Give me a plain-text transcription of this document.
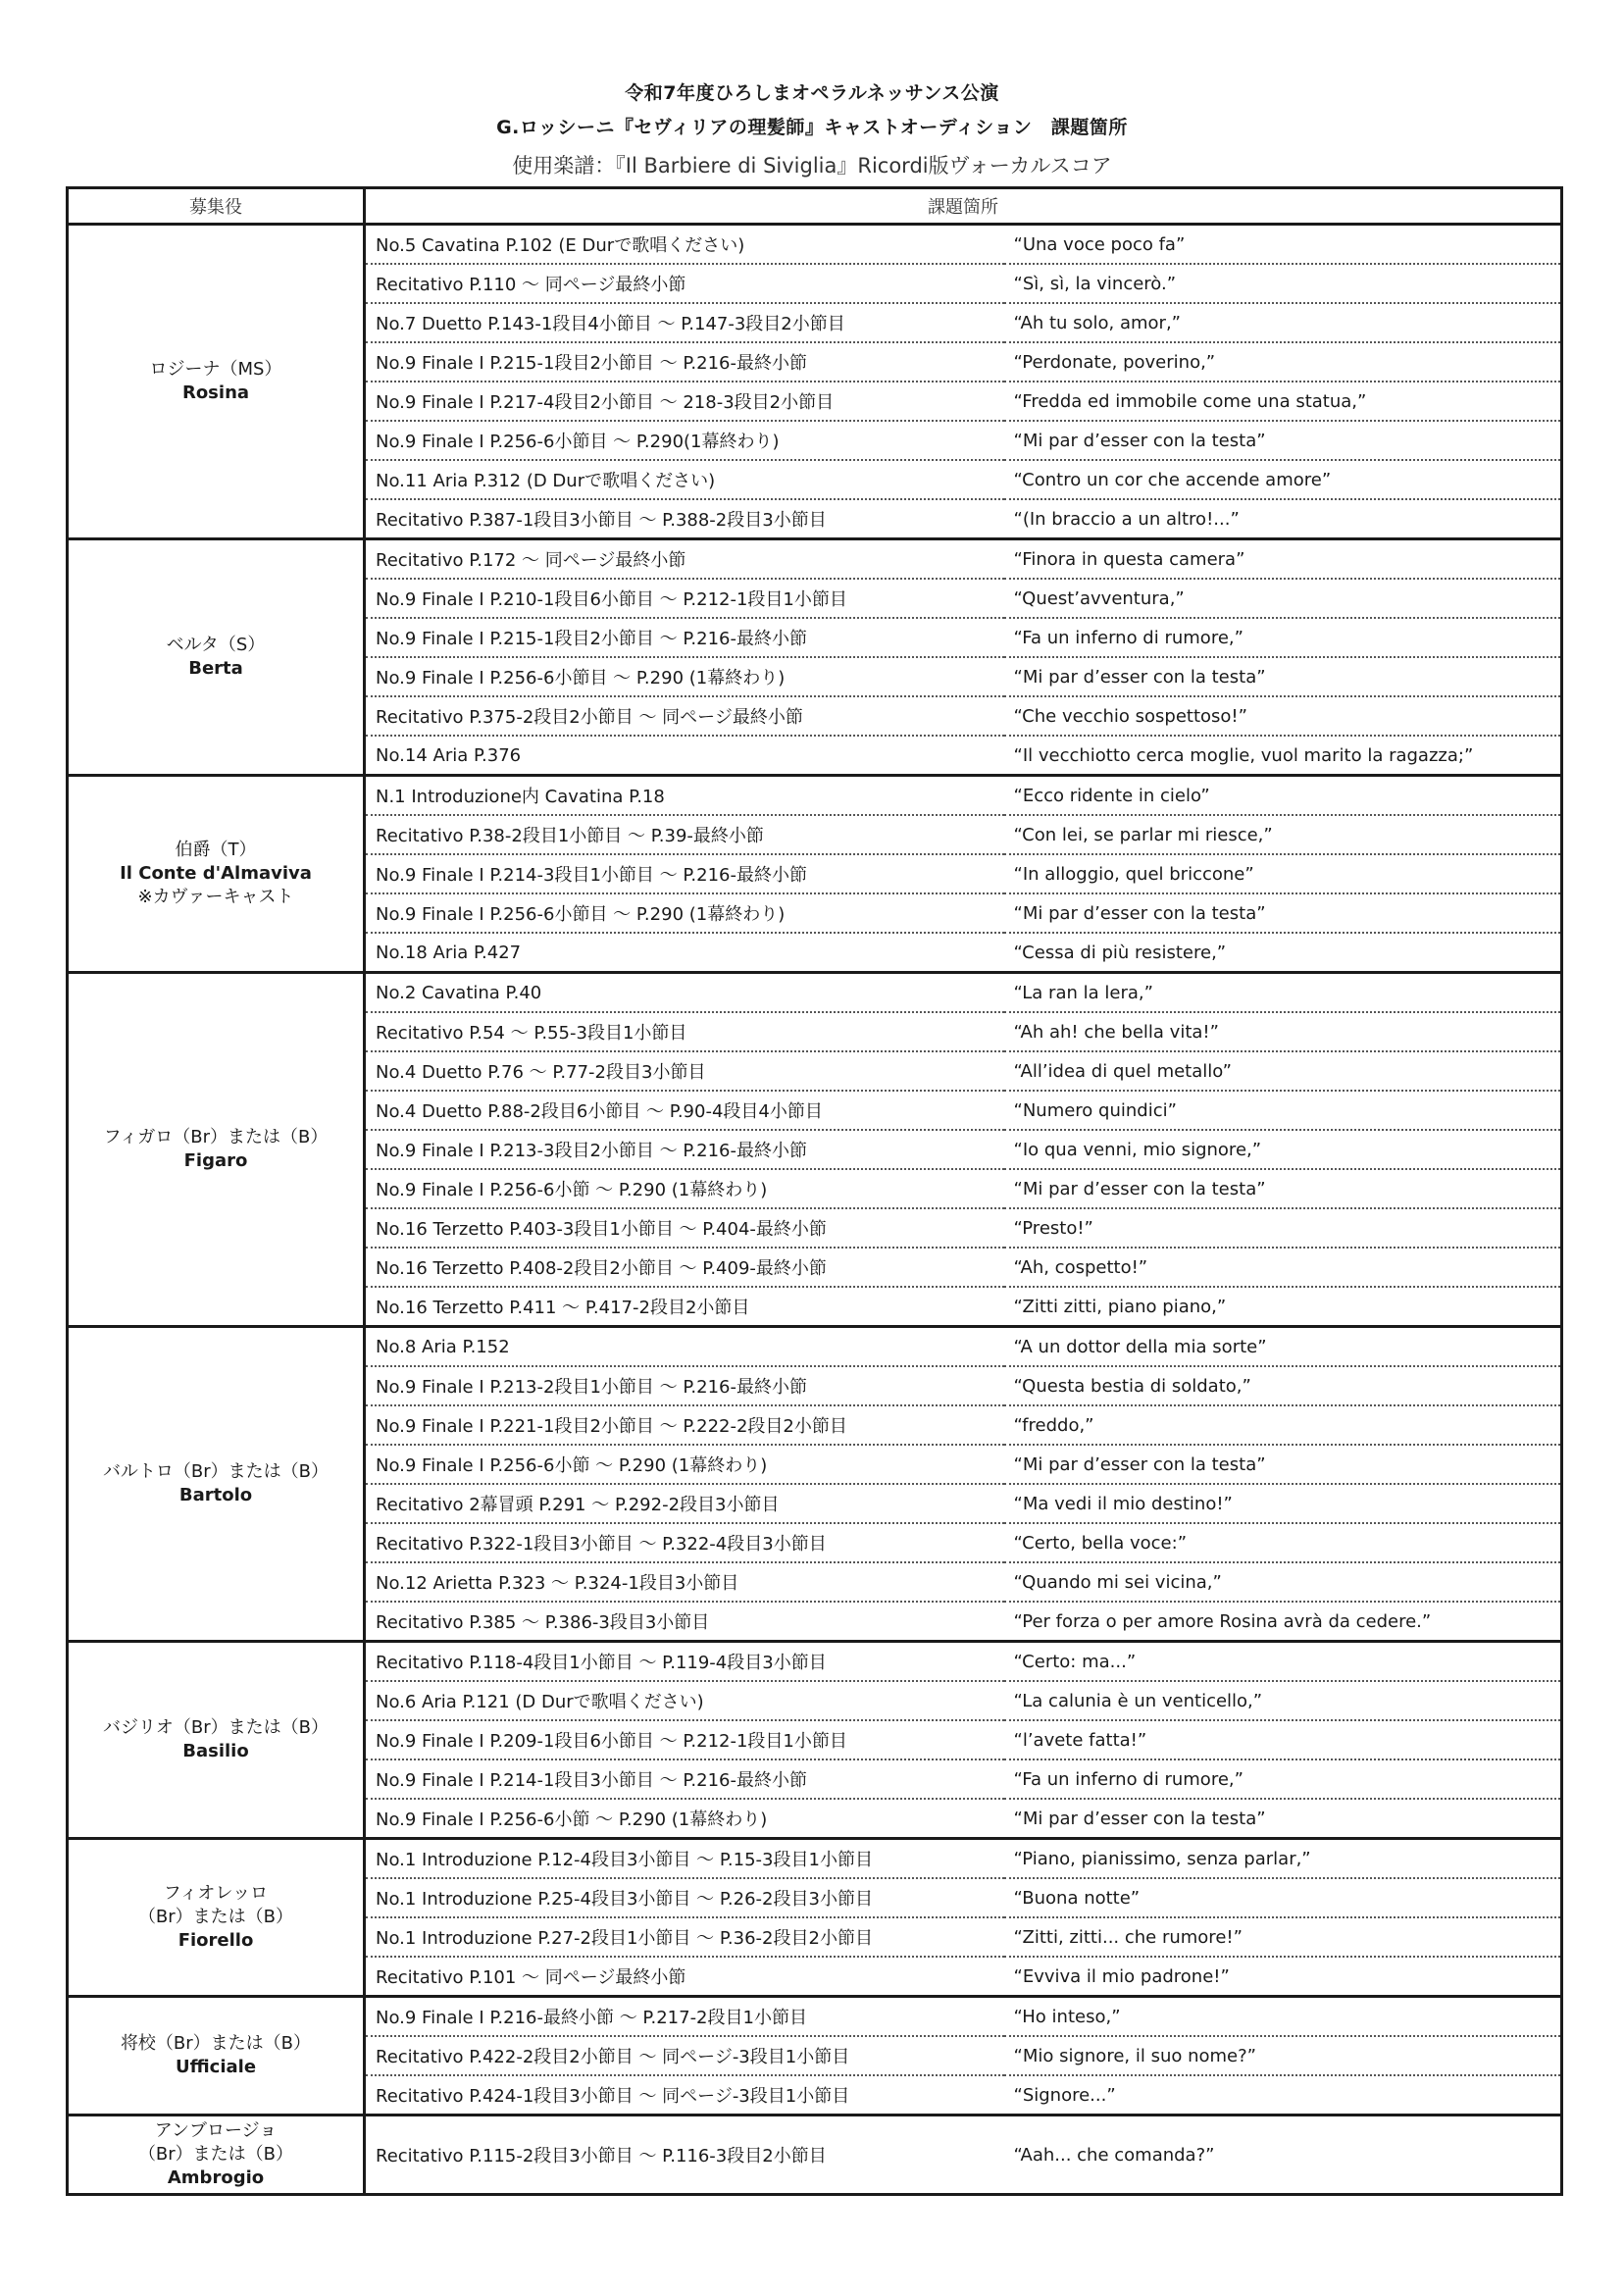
令和7年度ひろしまオペラルネッサンス公演
G.ロッシーニ『セヴィリアの理髪師』キャストオーディション　課題箇所
使用楽譜：『Il Barbiere di Siviglia』Ricordi版ヴォーカルスコア
募集役	課題箇所	

ロジーナ（MS）
Rosina	No.5 Cavatina P.102 (E Durで歌唱ください)	“Una voce poco fa”
	Recitativo P.110 ～ 同ページ最終小節	“Sì, sì, la vincerò.”
	No.7 Duetto P.143-1段目4小節目 ～ P.147-3段目2小節目	“Ah tu solo, amor,”
	No.9 Finale I P.215-1段目2小節目 ～ P.216-最終小節	“Perdonate, poverino,”
	No.9 Finale I P.217-4段目2小節目 ～ 218-3段目2小節目	“Fredda ed immobile come una statua,”
	No.9 Finale I P.256-6小節目 ～ P.290(1幕終わり)	“Mi par d’esser con la testa”
	No.11 Aria P.312 (D Durで歌唱ください)	“Contro un cor che accende amore”
	Recitativo P.387-1段目3小節目 ～ P.388-2段目3小節目	“(In braccio a un altro!...”

ベルタ（S）
Berta	Recitativo P.172 ～ 同ページ最終小節	“Finora in questa camera”
	No.9 Finale I P.210-1段目6小節目 ～ P.212-1段目1小節目	“Quest’avventura,”
	No.9 Finale I P.215-1段目2小節目 ～ P.216-最終小節	“Fa un inferno di rumore,”
	No.9 Finale I P.256-6小節目 ～ P.290 (1幕終わり)	“Mi par d’esser con la testa”
	Recitativo P.375-2段目2小節目 ～ 同ページ最終小節	“Che vecchio sospettoso!”
	No.14 Aria P.376	“Il vecchiotto cerca moglie, vuol marito la ragazza;”

伯爵（T）
Il Conte d'Almaviva
※カヴァーキャスト	N.1 Introduzione内 Cavatina P.18	“Ecco ridente in cielo”
	Recitativo P.38-2段目1小節目 ～ P.39-最終小節	“Con lei, se parlar mi riesce,”
	No.9 Finale I P.214-3段目1小節目 ～ P.216-最終小節	“In alloggio, quel briccone”
	No.9 Finale I P.256-6小節目 ～ P.290 (1幕終わり)	“Mi par d’esser con la testa”
	No.18 Aria P.427	“Cessa di più resistere,”

フィガロ（Br）または（B）
Figaro	No.2 Cavatina P.40	“La ran la lera,”
	Recitativo P.54 ～ P.55-3段目1小節目	“Ah ah! che bella vita!”
	No.4 Duetto P.76 ～ P.77-2段目3小節目	“All’idea di quel metallo”
	No.4 Duetto P.88-2段目6小節目 ～ P.90-4段目4小節目	“Numero quindici”
	No.9 Finale I P.213-3段目2小節目 ～ P.216-最終小節	“Io qua venni, mio signore,”
	No.9 Finale I P.256-6小節 ～ P.290 (1幕終わり)	“Mi par d’esser con la testa”
	No.16 Terzetto P.403-3段目1小節目 ～ P.404-最終小節	“Presto!”
	No.16 Terzetto P.408-2段目2小節目 ～ P.409-最終小節	“Ah, cospetto!”
	No.16 Terzetto P.411 ～ P.417-2段目2小節目	“Zitti zitti, piano piano,”

バルトロ（Br）または（B）
Bartolo	No.8 Aria P.152	“A un dottor della mia sorte”
	No.9 Finale I P.213-2段目1小節目 ～ P.216-最終小節	“Questa bestia di soldato,”
	No.9 Finale I P.221-1段目2小節目 ～ P.222-2段目2小節目	“freddo,”
	No.9 Finale I P.256-6小節 ～ P.290 (1幕終わり)	“Mi par d’esser con la testa”
	Recitativo 2幕冒頭 P.291 ～ P.292-2段目3小節目	“Ma vedi il mio destino!”
	Recitativo P.322-1段目3小節目 ～ P.322-4段目3小節目	“Certo, bella voce:”
	No.12 Arietta P.323 ～ P.324-1段目3小節目	“Quando mi sei vicina,”
	Recitativo P.385 ～ P.386-3段目3小節目	“Per forza o per amore Rosina avrà da cedere.”

バジリオ（Br）または（B）
Basilio	Recitativo P.118-4段目1小節目 ～ P.119-4段目3小節目	“Certo: ma...”
	No.6 Aria P.121 (D Durで歌唱ください)	“La calunia è un venticello,”
	No.9 Finale I P.209-1段目6小節目 ～ P.212-1段目1小節目	“l’avete fatta!”
	No.9 Finale I P.214-1段目3小節目 ～ P.216-最終小節	“Fa un inferno di rumore,”
	No.9 Finale I P.256-6小節 ～ P.290 (1幕終わり)	“Mi par d’esser con la testa”

フィオレッロ
（Br）または（B）
Fiorello	No.1 Introduzione P.12-4段目3小節目 ～ P.15-3段目1小節目	“Piano, pianissimo, senza parlar,”
	No.1 Introduzione P.25-4段目3小節目 ～ P.26-2段目3小節目	“Buona notte”
	No.1 Introduzione P.27-2段目1小節目 ～ P.36-2段目2小節目	“Zitti, zitti... che rumore!”
	Recitativo P.101 ～ 同ページ最終小節	“Evviva il mio padrone!”

将校（Br）または（B）
Ufficiale	No.9 Finale I P.216-最終小節 ～ P.217-2段目1小節目	“Ho inteso,”
	Recitativo P.422-2段目2小節目 ～ 同ページ-3段目1小節目	“Mio signore, il suo nome?”
	Recitativo P.424-1段目3小節目 ～ 同ページ-3段目1小節目	“Signore...”

アンブロージョ
（Br）または（B）
Ambrogio	Recitativo P.115-2段目3小節目 ～ P.116-3段目2小節目	“Aah... che comanda?”
